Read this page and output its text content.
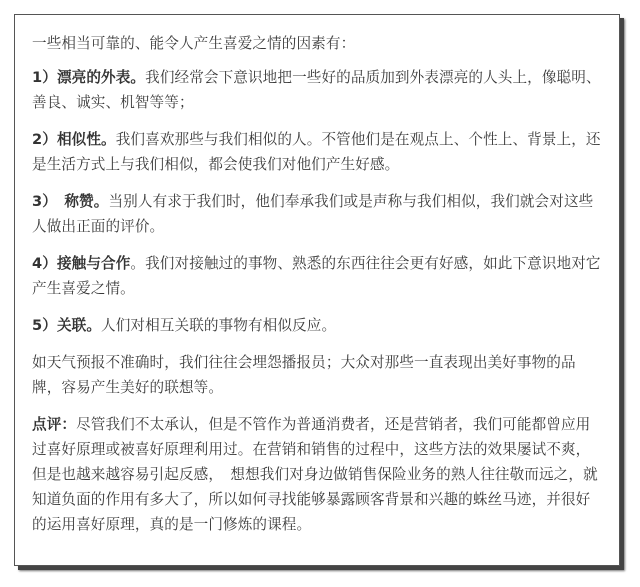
一些相当可靠的、能令人产生喜爱之情的因素有：

1）漂亮的外表。我们经常会下意识地把一些好的品质加到外表漂亮的人头上，像聪明、善良、诚实、机智等等；

2）相似性。我们喜欢那些与我们相似的人。不管他们是在观点上、个性上、背景上，还是生活方式上与我们相似，都会使我们对他们产生好感。

3）　称赞。当别人有求于我们时，他们奉承我们或是声称与我们相似，我们就会对这些人做出正面的评价。

4）接触与合作。我们对接触过的事物、熟悉的东西往往会更有好感，如此下意识地对它产生喜爱之情。

5）关联。人们对相互关联的事物有相似反应。

如天气预报不准确时，我们往往会埋怨播报员；大众对那些一直表现出美好事物的品牌，容易产生美好的联想等。

点评：尽管我们不太承认，但是不管作为普通消费者，还是营销者，我们可能都曾应用过喜好原理或被喜好原理利用过。在营销和销售的过程中，这些方法的效果屡试不爽，但是也越来越容易引起反感，　想想我们对身边做销售保险业务的熟人往往敬而远之，就知道负面的作用有多大了，所以如何寻找能够暴露顾客背景和兴趣的蛛丝马迹，并很好的运用喜好原理，真的是一门修炼的课程。
